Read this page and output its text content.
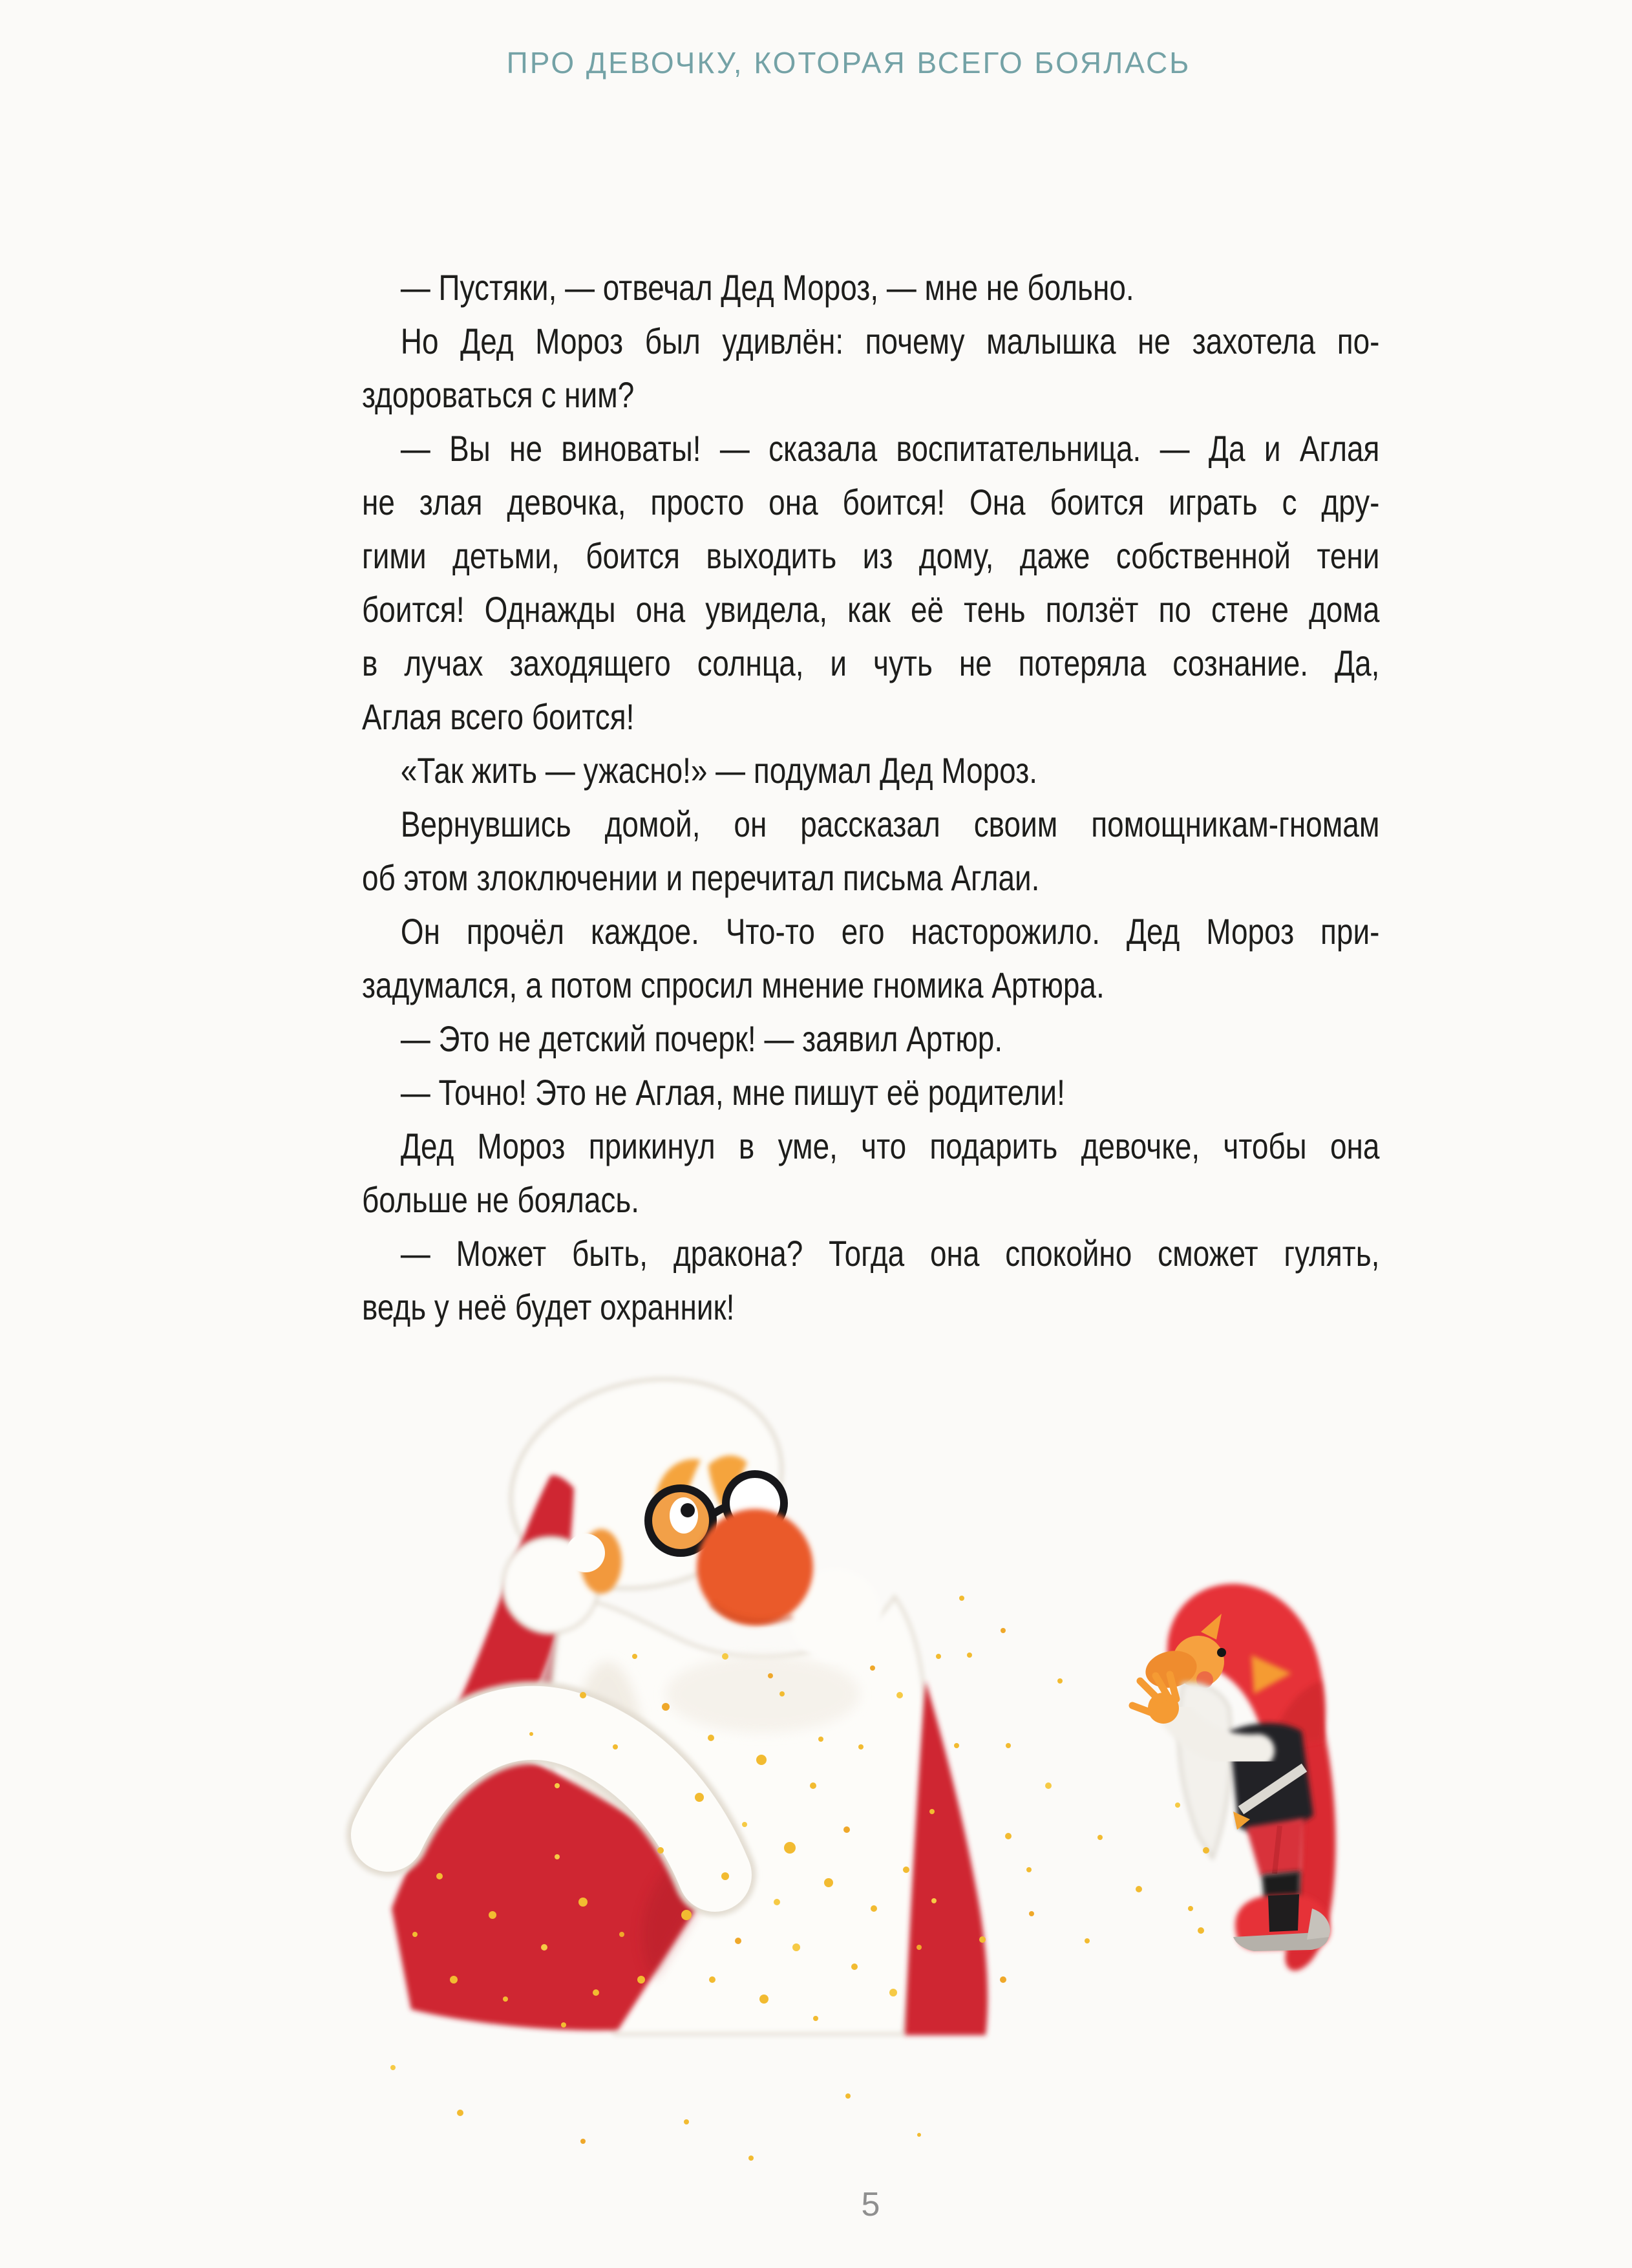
ПРО ДЕВОЧКУ, КОТОРАЯ ВСЕГО БОЯЛАСЬ
— Пустяки, — отвечал Дед Мороз, — мне не больно.
Но Дед Мороз был удивлён: почему малышка не захотела по-
здороваться с ним?
— Вы не виноваты! — сказала воспитательница. — Да и Аглая
не злая девочка, просто она боится! Она боится играть с дру-
гими детьми, боится выходить из дому, даже собственной тени
боится! Однажды она увидела, как её тень ползёт по стене дома
в лучах заходящего солнца, и чуть не потеряла сознание. Да,
Аглая всего боится!
«Так жить — ужасно!» — подумал Дед Мороз.
Вернувшись домой, он рассказал своим помощникам-гномам
об этом злоключении и перечитал письма Аглаи.
Он прочёл каждое. Что-то его насторожило. Дед Мороз при-
задумался, а потом спросил мнение гномика Артюра.
— Это не детский почерк! — заявил Артюр.
— Точно! Это не Аглая, мне пишут её родители!
Дед Мороз прикинул в уме, что подарить девочке, чтобы она
больше не боялась.
— Может быть, дракона? Тогда она спокойно сможет гулять,
ведь у неё будет охранник!
5
